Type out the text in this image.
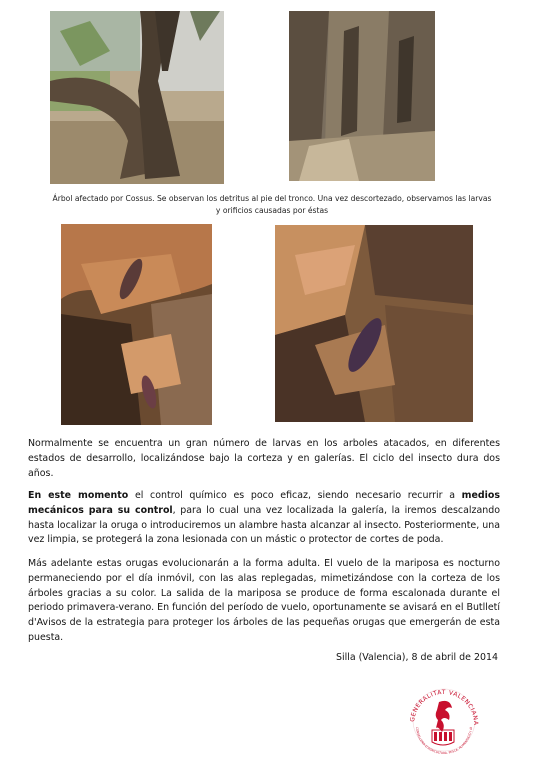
Árbol afectado por Cossus. Se observan los detritus al pie del tronco. Una vez descortezado, observamos las larvas y orificios causadas por éstas

Normalmente se encuentra un gran número de larvas en los arboles atacados, en diferentes estados de desarrollo, localizándose bajo la corteza y en galerías. El ciclo del insecto dura dos años.

En este momento el control químico es poco eficaz, siendo necesario recurrir a medios mecánicos para su control, para lo cual una vez localizada la galería, la iremos descalzando hasta localizar la oruga o introduciremos un alambre hasta alcanzar al insecto. Posteriormente, una vez limpia, se protegerá la zona lesionada con un mástic o protector de cortes de poda.

Más adelante estas orugas evolucionarán a la forma adulta. El vuelo de la mariposa es nocturno permaneciendo por el día inmóvil, con las alas replegadas, mimetizándose con la corteza de los árboles gracias a su color. La salida de la mariposa se produce de forma escalonada durante el periodo primavera-verano. En función del período de vuelo, oportunamente se avisará en el Butlletí d'Avisos de la estrategia para proteger los árboles de las pequeñas orugas que emergerán de esta puesta.

Silla (Valencia), 8 de abril de 2014
GENERALITAT VALENCIANA
CONSELLERIA D'AGRICULTURA, PESCA, ALIMENTACIÓ I AI
